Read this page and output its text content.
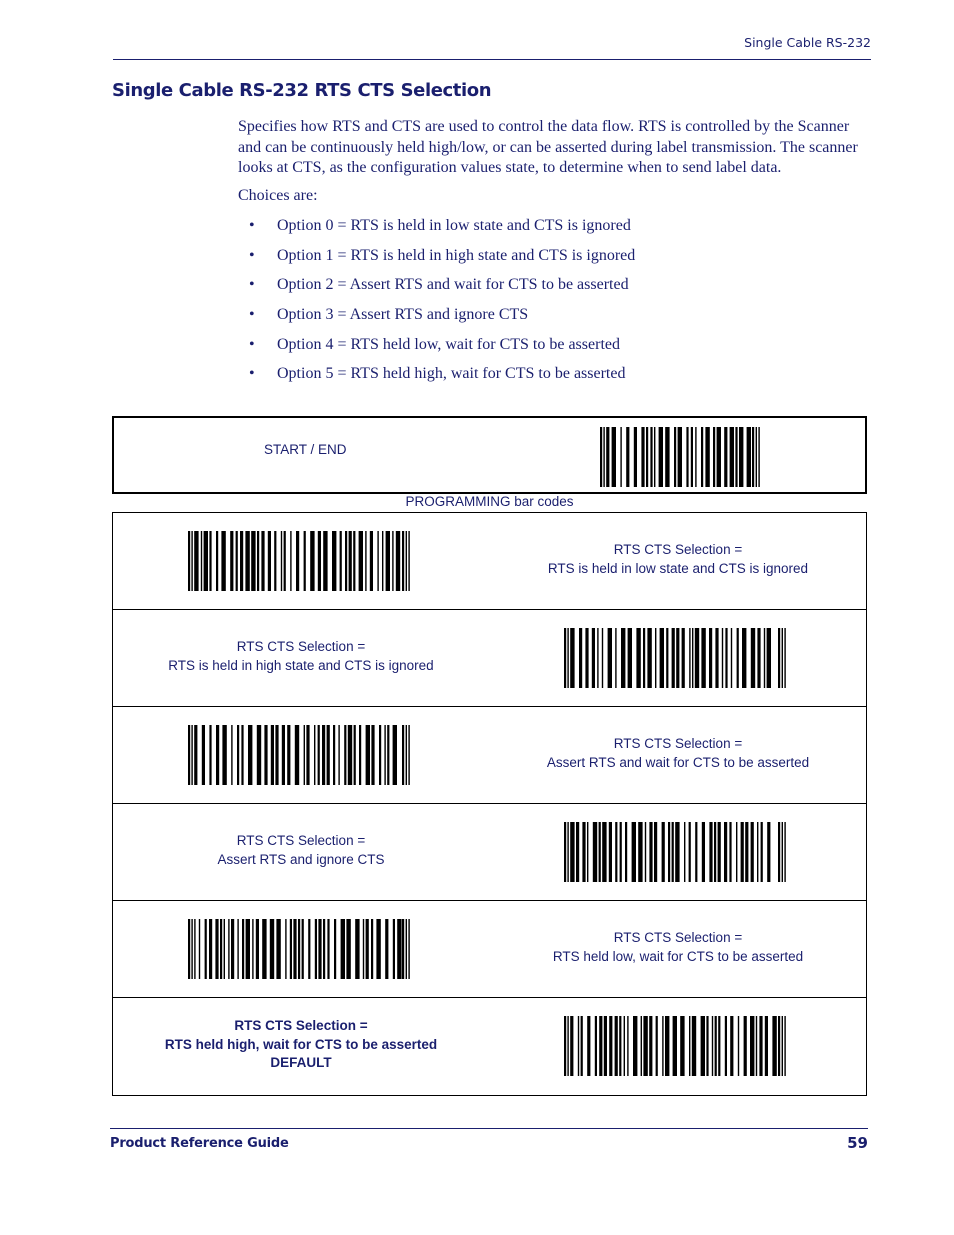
Single Cable RS-232
Single Cable RS-232 RTS CTS Selection

Specifies how RTS and CTS are used to control the data flow. RTS is controlled by the Scanner and can be continuously held high/low, or can be asserted during label transmission. The scanner looks at CTS, as the configuration values state, to determine when to send label data.

Choices are:

• Option 0 = RTS is held in low state and CTS is ignored
• Option 1 = RTS is held in high state and CTS is ignored
• Option 2 = Assert RTS and wait for CTS to be asserted
• Option 3 = Assert RTS and ignore CTS
• Option 4 = RTS held low, wait for CTS to be asserted
• Option 5 = RTS held high, wait for CTS to be asserted
START / END
PROGRAMMING bar codes
RTS CTS Selection =
RTS is held in low state and CTS is ignored
RTS CTS Selection =
RTS is held in high state and CTS is ignored
RTS CTS Selection =
Assert RTS and wait for CTS to be asserted
RTS CTS Selection =
Assert RTS and ignore CTS
RTS CTS Selection =
RTS held low, wait for CTS to be asserted
RTS CTS Selection =
RTS held high, wait for CTS to be asserted
DEFAULT
Product Reference Guide	59
